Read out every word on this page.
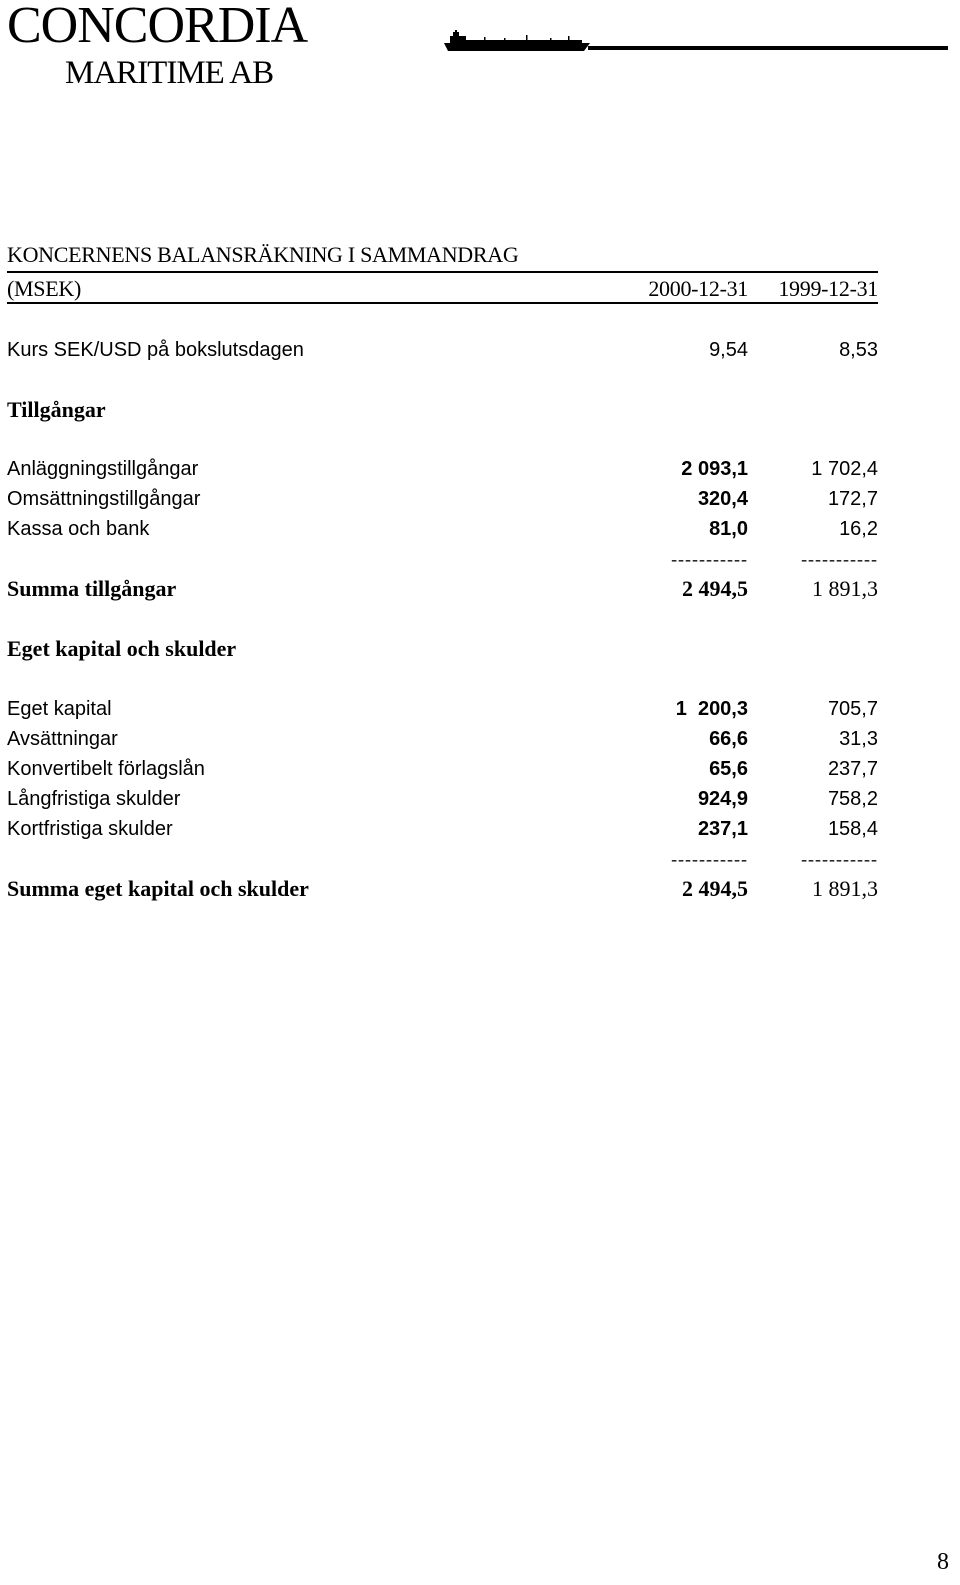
CONCORDIA
MARITIME AB
KONCERNENS BALANSRÄKNING I SAMMANDRAG
(MSEK)	2000-12-31 1999-12-31
Kurs SEK/USD på bokslutsdagen	9,54	8,53
Tillgångar
Anläggningstillgångar	2 093,1	1 702,4
Omsättningstillgångar	320,4	172,7
Kassa och bank	81,0	16,2
-----------	-----------
Summa tillgångar	2 494,5	1 891,3
Eget kapital och skulder
Eget kapital	1  200,3	705,7
Avsättningar	66,6	31,3
Konvertibelt förlagslån	65,6	237,7
Långfristiga skulder	924,9	758,2
Kortfristiga skulder	237,1	158,4
-----------	-----------
Summa eget kapital och skulder	2 494,5	1 891,3
8
